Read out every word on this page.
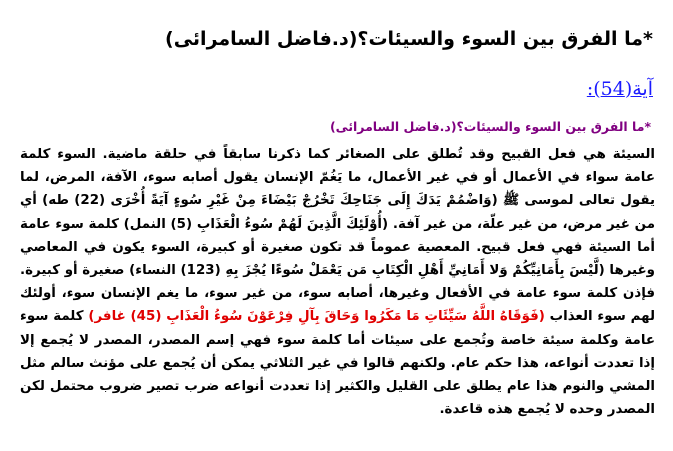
*ما الفرق بين السوء والسيئات؟(د.فاضل السامرائى)
آية(54):
*ما الفرق بين السوء والسيئات؟(د.فاضل السامرائى)
السيئة هي فعل القبيح وقد تُطلق على الصغائر كما ذكرنا سابقاً في حلقة ماضية. السوء كلمة عامة سواء في الأعمال أو في غير الأعمال، ما يَغُمّ الإنسان يقول أصابه سوء، الآفة، المرض، لما يقول تعالى لموسى ﷺ (وَاضْمُمْ يَدَكَ إِلَى جَنَاحِكَ تَخْرُجْ بَيْضَاءَ مِنْ غَيْرِ سُوءٍ آيَةً أُخْرَى (22) طه) أي من غير مرض، من غير علّة، من غير آفة. (أُوْلَئِكَ الَّذِينَ لَهُمْ سُوءُ الْعَذَابِ (5) النمل) كلمة سوء عامة أما السيئة فهي فعل قبيح. المعصية عموماً قد تكون صغيرة أو كبيرة، السوء يكون في المعاصي وغيرها (لَّيْسَ بِأَمَانِيِّكُمْ وَلا أَمَانِيِّ أَهْلِ الْكِتَابِ مَن يَعْمَلْ سُوءًا يُجْزَ بِهِ (123) النساء) صغيرة أو كبيرة. فإذن كلمة سوء عامة في الأفعال وغيرها، أصابه سوء، من غير سوء، ما يغم الإنسان سوء، أولئك لهم سوء العذاب (فَوَقَاهُ اللَّهُ سَيِّئَاتِ مَا مَكَرُوا وَحَاقَ بِآلِ فِرْعَوْنَ سُوءُ الْعَذَابِ (45) غافر) كلمة سوء عامة وكلمة سيئة خاصة وتُجمع على سيئات أما كلمة سوء فهي إسم المصدر، المصدر لا يُجمع إلا إذا تعددت أنواعه، هذا حكم عام. ولكنهم قالوا في غير الثلاثي يمكن أن يُجمع على مؤنث سالم مثل المشي والنوم هذا عام يطلق على القليل والكثير إذا تعددت أنواعه ضرب تصير ضروب محتمل لكن المصدر وحده لا يُجمع هذه قاعدة.
